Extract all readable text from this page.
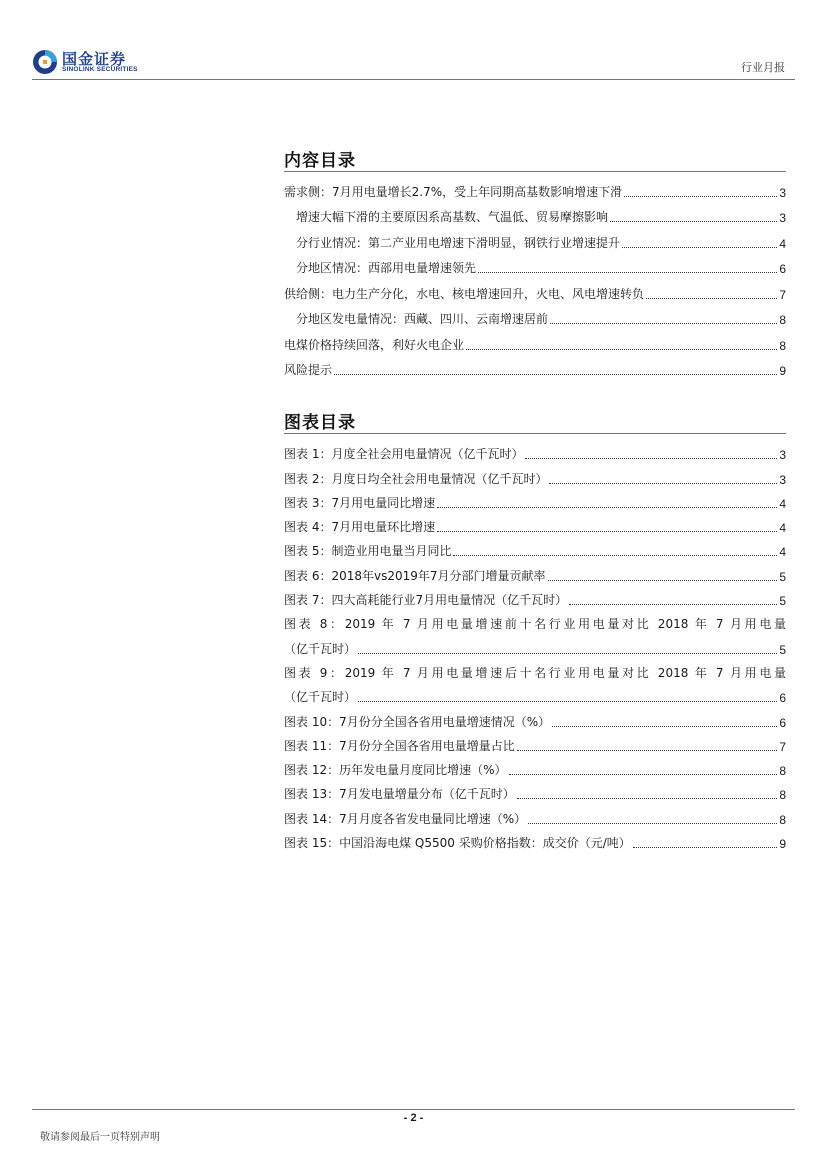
国金证券
SINOLINK SECURITIES	行业月报
内容目录
需求侧：7月用电量增长2.7%，受上年同期高基数影响增速下滑	3
增速大幅下滑的主要原因系高基数、气温低、贸易摩擦影响	3
分行业情况：第二产业用电增速下滑明显，钢铁行业增速提升	4
分地区情况：西部用电量增速领先	6
供给侧：电力生产分化，水电、核电增速回升，火电、风电增速转负	7
分地区发电量情况：西藏、四川、云南增速居前	8
电煤价格持续回落，利好火电企业	8
风险提示	9
图表目录
图表 1：月度全社会用电量情况（亿千瓦时）	3
图表 2：月度日均全社会用电量情况（亿千瓦时）	3
图表 3：7月用电量同比增速	4
图表 4：7月用电量环比增速	4
图表 5：制造业用电量当月同比	4
图表 6：2018年vs2019年7月分部门增量贡献率	5
图表 7：四大高耗能行业7月用电量情况（亿千瓦时）	5
图表 8：2019 年 7 月用电量增速前十名行业用电量对比 2018 年 7 月用电量
（亿千瓦时）	5
图表 9：2019 年 7 月用电量增速后十名行业用电量对比 2018 年 7 月用电量
（亿千瓦时）	6
图表 10：7月份分全国各省用电量增速情况（%）	6
图表 11：7月份分全国各省用电量增量占比	7
图表 12：历年发电量月度同比增速（%）	8
图表 13：7月发电量增量分布（亿千瓦时）	8
图表 14：7月月度各省发电量同比增速（%）	8
图表 15：中国沿海电煤 Q5500 采购价格指数：成交价（元/吨）	9
- 2 -
敬请参阅最后一页特别声明
